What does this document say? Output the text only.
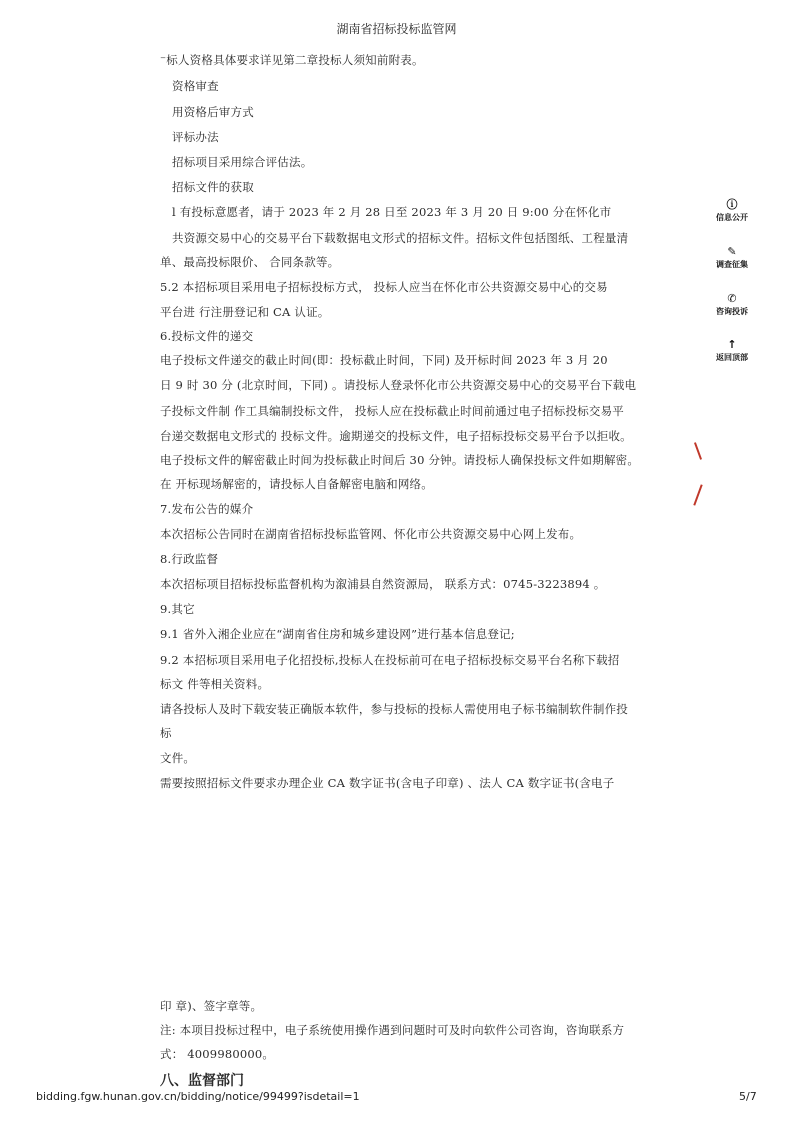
湖南省招标投标监管网
⁻标人资格具体要求详见第二章投标人须知前附表。
资格审查
用资格后审方式
评标办法
招标项目采用综合评估法。
招标文件的获取
l 有投标意愿者，请于 2023 年 2 月 28 日至 2023 年 3 月 20 日 9:00 分在怀化市
共资源交易中心的交易平台下载数据电文形式的招标文件。招标文件包括图纸、工程量清
单、最高投标限价、 合同条款等。
5.2 本招标项目采用电子招标投标方式， 投标人应当在怀化市公共资源交易中心的交易
平台进 行注册登记和 CA 认证。
6.投标文件的递交
电子投标文件递交的截止时间(即：投标截止时间，下同) 及开标时间 2023 年 3 月 20
日 9 时 30 分 (北京时间，下同) 。请投标人登录怀化市公共资源交易中心的交易平台下载电
子投标文件制 作工具编制投标文件， 投标人应在投标截止时间前通过电子招标投标交易平
台递交数据电文形式的 投标文件。逾期递交的投标文件，电子招标投标交易平台予以拒收。
电子投标文件的解密截止时间为投标截止时间后 30 分钟。请投标人确保投标文件如期解密。
在 开标现场解密的，请投标人自备解密电脑和网络。
7.发布公告的媒介
本次招标公告同时在湖南省招标投标监管网、怀化市公共资源交易中心网上发布。
8.行政监督
本次招标项目招标投标监督机构为溆浦县自然资源局， 联系方式：0745-3223894 。
9.其它
9.1 省外入湘企业应在“湖南省住房和城乡建设网”进行基本信息登记;
9.2 本招标项目采用电子化招投标,投标人在投标前可在电子招标投标交易平台名称下载招
标文 件等相关资料。
请各投标人及时下载安装正确版本软件，参与投标的投标人需使用电子标书编制软件制作投
标
文件。
需要按照招标文件要求办理企业 CA 数字证书(含电子印章) 、法人 CA 数字证书(含电子
印 章)、签字章等。
注: 本项目投标过程中，电子系统使用操作遇到问题时可及时向软件公司咨询，咨询联系方
式： 4009980000。
八、监督部门
bidding.fgw.hunan.gov.cn/bidding/notice/99499?isdetail=1	5/7
ⓘ
信息公开
✎
调查征集
✆
咨询投诉
↑
返回顶部
